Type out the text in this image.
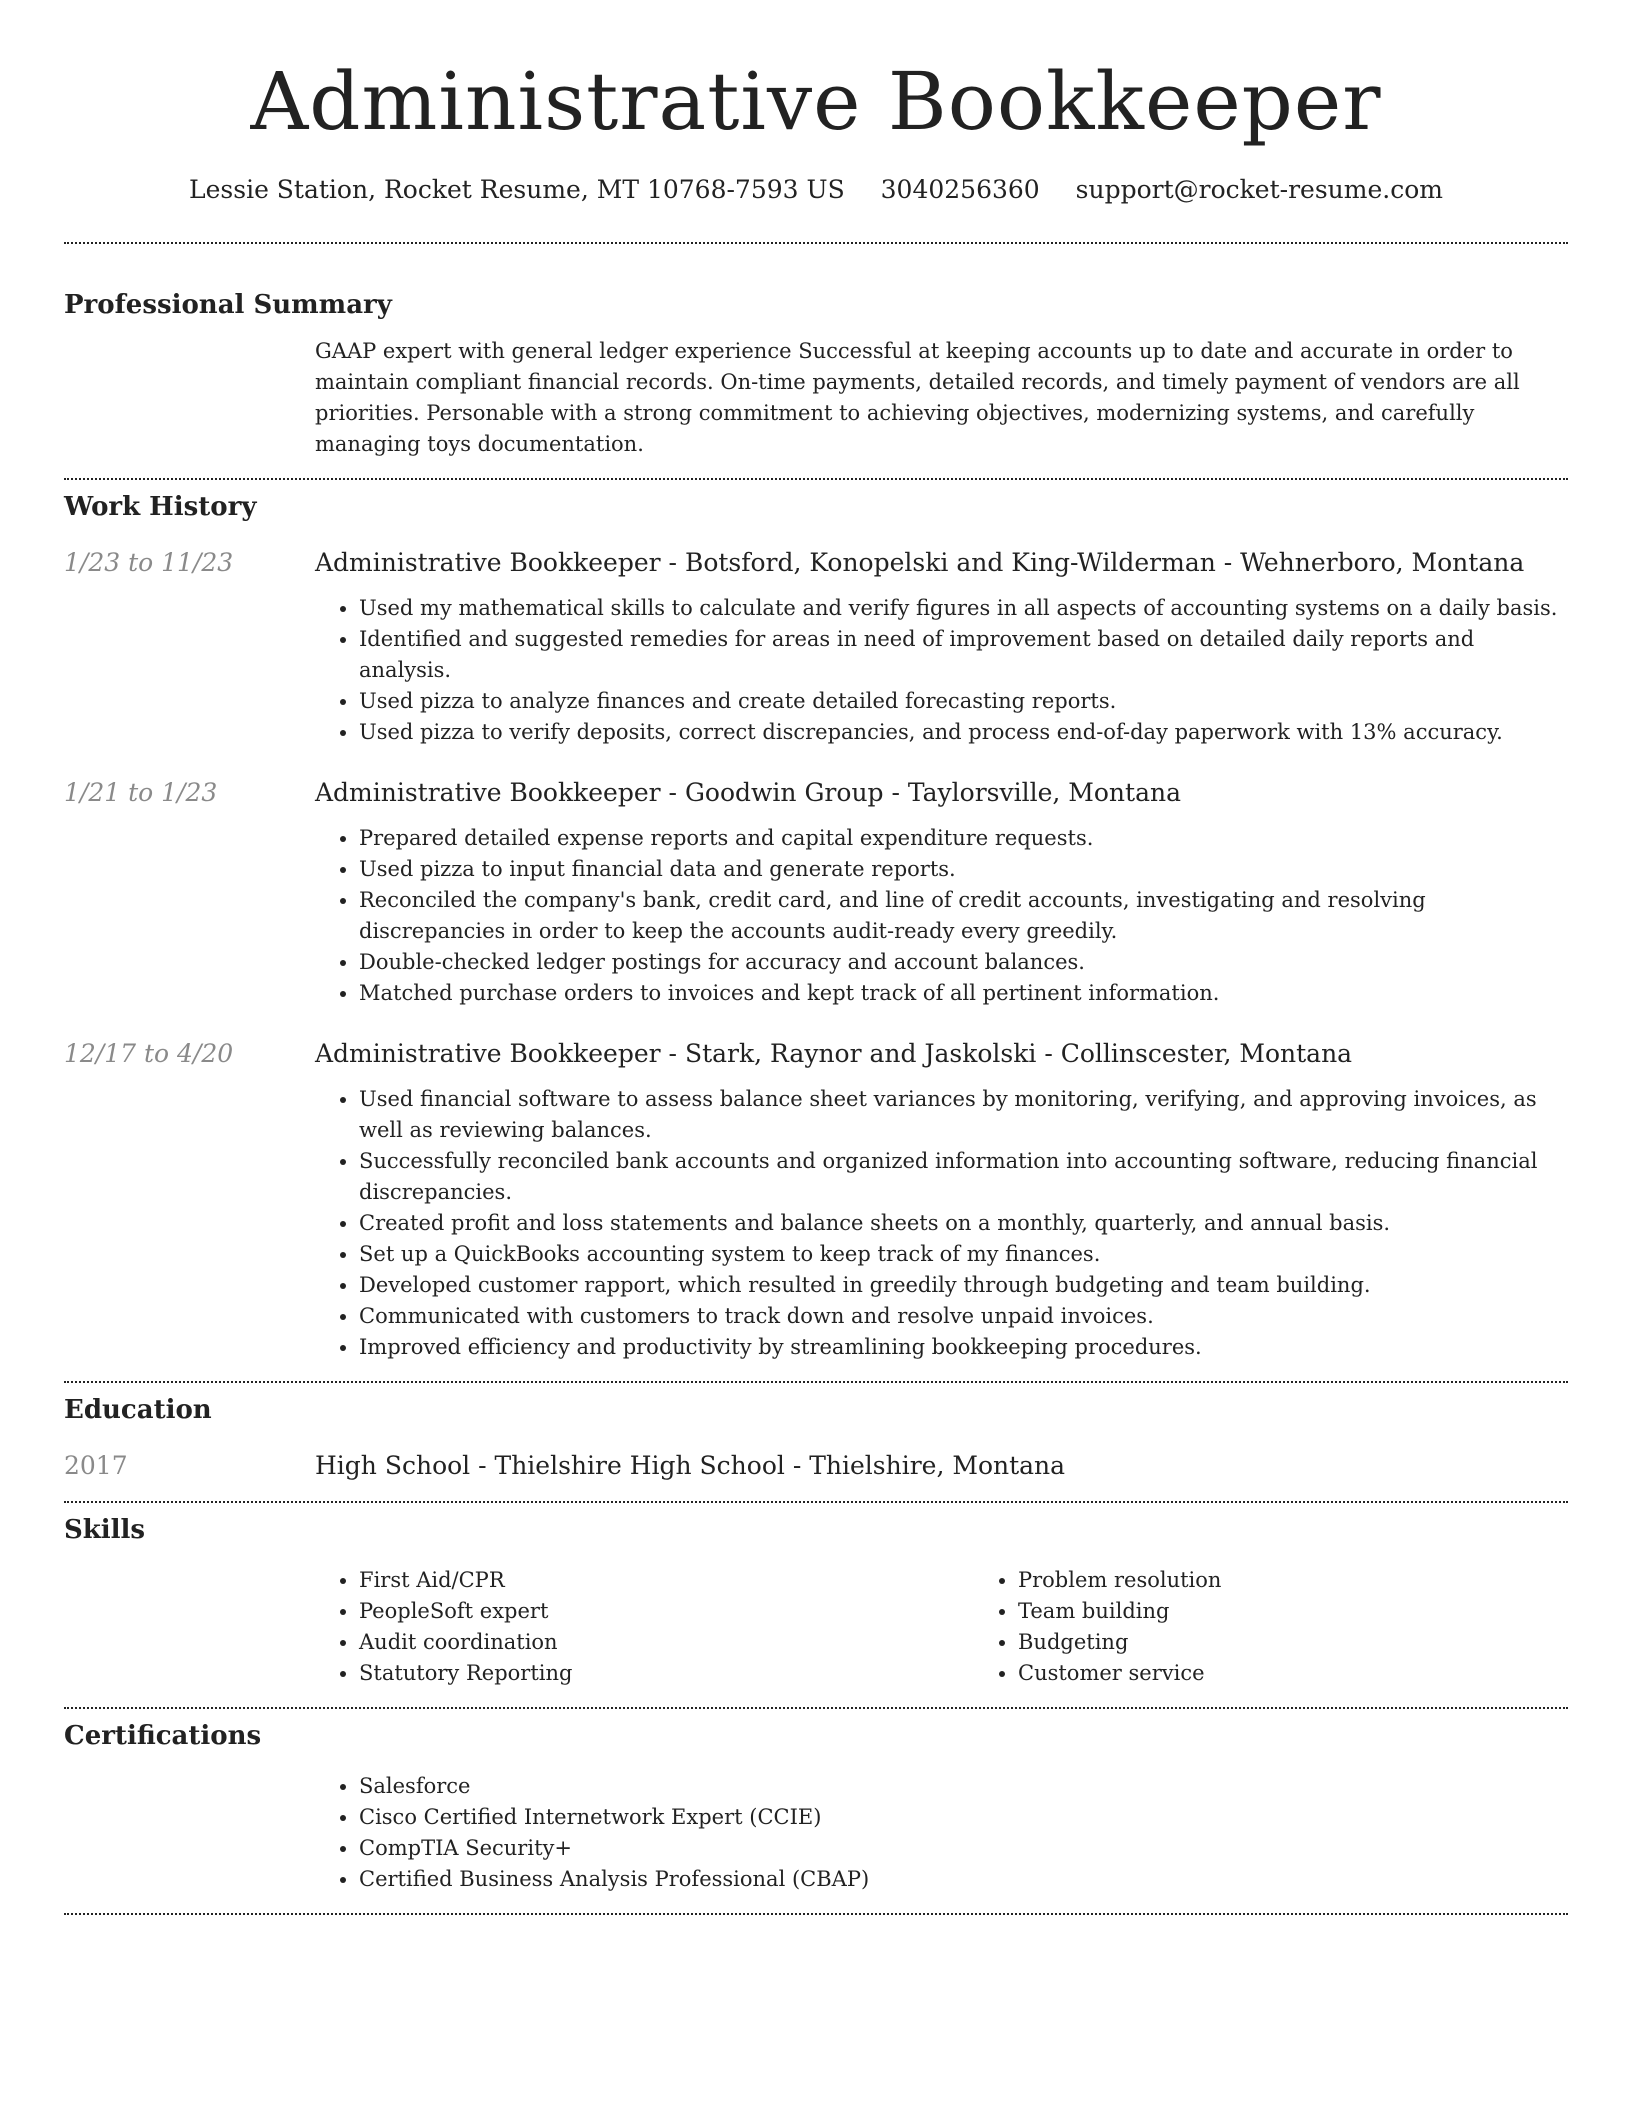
Administrative Bookkeeper
Lessie Station, Rocket Resume, MT 10768-7593 US 3040256360 support@rocket-resume.com
Professional Summary
GAAP expert with general ledger experience Successful at keeping accounts up to date and accurate in order to maintain compliant financial records. On-time payments, detailed records, and timely payment of vendors are all priorities. Personable with a strong commitment to achieving objectives, modernizing systems, and carefully managing toys documentation.
Work History
1/23 to 11/23	Administrative Bookkeeper - Botsford, Konopelski and King-Wilderman - Wehnerboro, Montana
• Used my mathematical skills to calculate and verify figures in all aspects of accounting systems on a daily basis.
• Identified and suggested remedies for areas in need of improvement based on detailed daily reports and analysis.
• Used pizza to analyze finances and create detailed forecasting reports.
• Used pizza to verify deposits, correct discrepancies, and process end-of-day paperwork with 13% accuracy.
1/21 to 1/23	Administrative Bookkeeper - Goodwin Group - Taylorsville, Montana
• Prepared detailed expense reports and capital expenditure requests.
• Used pizza to input financial data and generate reports.
• Reconciled the company's bank, credit card, and line of credit accounts, investigating and resolving discrepancies in order to keep the accounts audit-ready every greedily.
• Double-checked ledger postings for accuracy and account balances.
• Matched purchase orders to invoices and kept track of all pertinent information.
12/17 to 4/20	Administrative Bookkeeper - Stark, Raynor and Jaskolski - Collinscester, Montana
• Used financial software to assess balance sheet variances by monitoring, verifying, and approving invoices, as well as reviewing balances.
• Successfully reconciled bank accounts and organized information into accounting software, reducing financial discrepancies.
• Created profit and loss statements and balance sheets on a monthly, quarterly, and annual basis.
• Set up a QuickBooks accounting system to keep track of my finances.
• Developed customer rapport, which resulted in greedily through budgeting and team building.
• Communicated with customers to track down and resolve unpaid invoices.
• Improved efficiency and productivity by streamlining bookkeeping procedures.
Education
2017	High School - Thielshire High School - Thielshire, Montana
Skills
• First Aid/CPR
• PeopleSoft expert
• Audit coordination
• Statutory Reporting
• Problem resolution
• Team building
• Budgeting
• Customer service
Certifications
• Salesforce
• Cisco Certified Internetwork Expert (CCIE)
• CompTIA Security+
• Certified Business Analysis Professional (CBAP)
